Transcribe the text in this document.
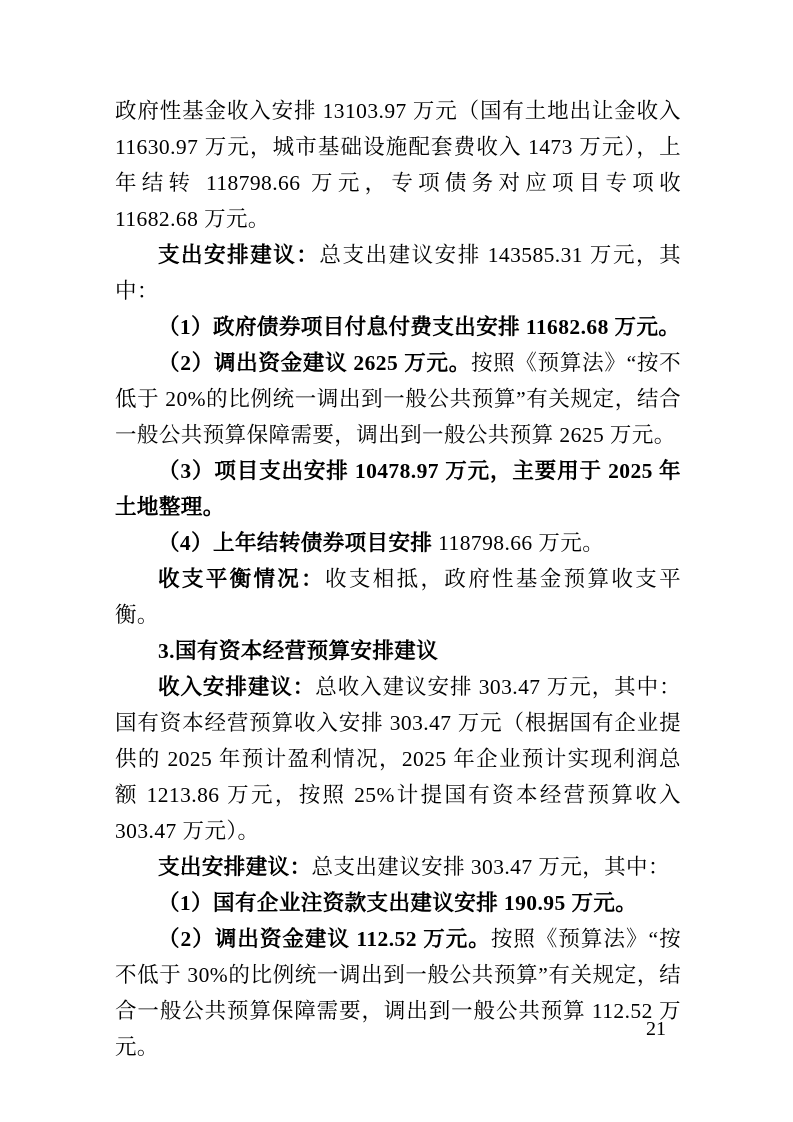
政府性基金收入安排 13103.97 万元（国有土地出让金收入 11630.97 万元，城市基础设施配套费收入 1473 万元），上年结转 118798.66 万元，专项债务对应项目专项收 11682.68 万元。

支出安排建议：总支出建议安排 143585.31 万元，其中：

（1）政府债券项目付息付费支出安排 11682.68 万元。

（2）调出资金建议 2625 万元。按照《预算法》“按不低于 20%的比例统一调出到一般公共预算”有关规定，结合一般公共预算保障需要，调出到一般公共预算 2625 万元。

（3）项目支出安排 10478.97 万元，主要用于 2025 年土地整理。

（4）上年结转债券项目安排 118798.66 万元。

收支平衡情况：收支相抵，政府性基金预算收支平衡。

3.国有资本经营预算安排建议

收入安排建议：总收入建议安排 303.47 万元，其中：国有资本经营预算收入安排 303.47 万元（根据国有企业提供的 2025 年预计盈利情况，2025 年企业预计实现利润总额 1213.86 万元，按照 25%计提国有资本经营预算收入 303.47 万元）。

支出安排建议：总支出建议安排 303.47 万元，其中：

（1）国有企业注资款支出建议安排 190.95 万元。

（2）调出资金建议 112.52 万元。按照《预算法》“按不低于 30%的比例统一调出到一般公共预算”有关规定，结合一般公共预算保障需要，调出到一般公共预算 112.52 万元。

21
